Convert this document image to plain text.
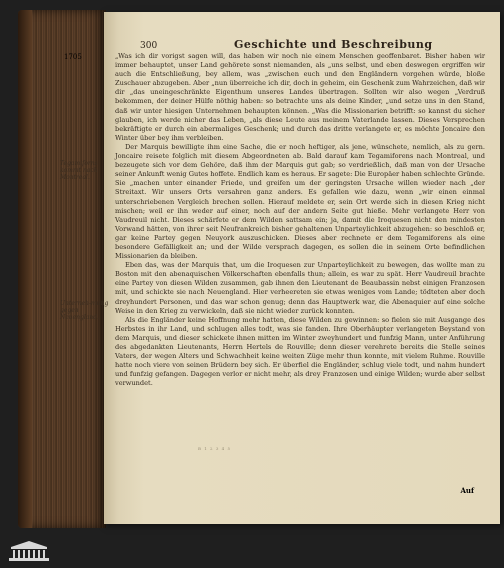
300	Geschichte und Beschreibung
1705
Tegamiforns kommt nach Montreal.
Unterneh-mung gegen Neuengland.

„Was ich dir vorigst sagen will, das haben wir noch nie einem Menschen geoffenbaret. Bisher haben wir immer behauptet, unser Land gehörete sonst niemanden, als „uns selbst, und eben deswegen ergriffen wir auch die Entschließung, bey allem, was „zwischen euch und den Engländern vorgehen würde, bloße Zuschauer abzugeben. Aber „nun überreiche ich dir, doch in geheim, ein Geschenk zum Wahrzeichen, daß wir dir „das uneingeschränkte Eigenthum unseres Landes übertragen. Sollten wir also wegen „Verdruß bekommen, der deiner Hülfe nöthig haben: so betrachte uns als deine Kinder, „und setze uns in den Stand, daß wir unter hiesigen Unternehmen behaupten können. „Was die Missionarien betrifft: so kannst du sicher glauben, ich werde nicher das Leben, „als diese Leute aus meinem Vaterlande lassen. Dieses Versprechen bekräftigte er durch ein abermaliges Geschenk; und durch das dritte verlangete er, es möchte Joncaire den Winter über bey ihm verbleiben.

Der Marquis bewilligte ihm eine Sache, die er noch heftiger, als jene, wünschete, nemlich, als zu gern. Joncaire reisete folglich mit diesem Abgeordneten ab. Bald darauf kam Tegamiforens nach Montreal, und bezeugete sich vor dem Gehöre, daß ihm der Marquis gut gab; so verdrießlich, daß man von der Ursache seiner Ankunft wenig Gutes hoffete. Endlich kam es heraus. Er sagete: Die Europäer haben schlechte Gründe. Sie „machen unter einander Friede, und greifen um der geringsten Ursache willen wieder nach „der Streitaxt. Wir unsers Orts versahren ganz anders. Es gefallen wie dazu, wenn „wir einen einmal unterschriebenen Vergleich brechen sollen. Hierauf meldete er, sein Ort werde sich in diesen Krieg nicht mischen; weil er ihn weder auf einer, noch auf der andern Seite gut hieße. Mehr verlangete Herr von Vaudreuil nicht. Dieses schärfete er dem Wilden sattsam ein; ja, damit die Iroquesen nicht den mindesten Vorwand hätten, von ihrer seit Neufrankreich bisher gehaltenen Unparteylichkeit abzugehen: so beschloß er, gar keine Partey gegen Neuyork auszuschicken. Dieses aber rechnete er dem Tegamiforens als eine besondere Gefälligkeit an; und der Wilde versprach dagegen, es sollen die in seinem Orte befindlichen Missionarien da bleiben.

Eben das, was der Marquis that, um die Iroquesen zur Unparteylichkeit zu bewegen, das wollte man zu Boston mit den abenaquischen Völkerschaften ebenfalls thun; allein, es war zu spät. Herr Vaudreuil brachte eine Partey von diesen Wilden zusammen, gab ihnen den Lieutenant de Beaubassin nebst einigen Franzosen mit, und schickte sie nach Neuengland. Hier verheereten sie etwas weniges vom Lande; tödteten aber doch dreyhundert Personen, und das war schon genug; denn das Hauptwerk war, die Abenaquier auf eine solche Weise in den Krieg zu verwickeln, daß sie nicht wieder zurück konnten.

Als die Engländer keine Hoffnung mehr hatten, diese Wilden zu gewinnen: so fielen sie mit Ausgange des Herbstes in ihr Land, und schlugen alles todt, was sie fanden. Ihre Oberhäupter verlangeten Beystand von dem Marquis, und dieser schickete ihnen mitten im Winter zweyhundert und funfzig Mann, unter Anführung des abgedankten Lieutenants, Herrn Hertels de Rouville; denn dieser verehrete bereits die Stelle seines Vaters, der wegen Alters und Schwachheit keine weiten Züge mehr thun konnte, mit vielem Ruhme. Rouville hatte noch viere von seinen Brüdern bey sich. Er überfiel die Engländer, schlug viele todt, und nahm hundert und funfzig gefangen. Dagegen verlor er nicht mehr, als drey Franzosen und einige Wilden; wurde aber selbst verwundet.

B 1 2 3 4 5
Auf
